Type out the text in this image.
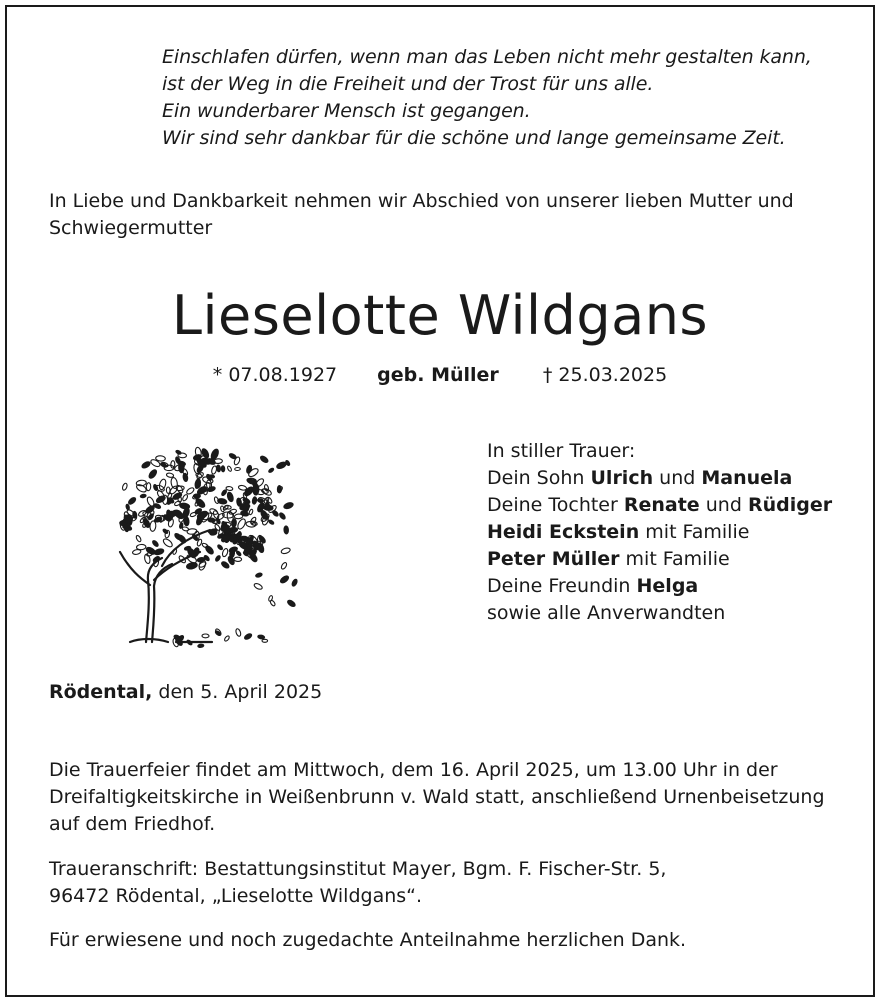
Einschlafen dürfen, wenn man das Leben nicht mehr gestalten kann,
ist der Weg in die Freiheit und der Trost für uns alle.
Ein wunderbarer Mensch ist gegangen.
Wir sind sehr dankbar für die schöne und lange gemeinsame Zeit.
In Liebe und Dankbarkeit nehmen wir Abschied von unserer lieben Mutter und Schwiegermutter
Lieselotte Wildgans
* 07.08.1927 geb. Müller † 25.03.2025
In stiller Trauer:
Dein Sohn Ulrich und Manuela
Deine Tochter Renate und Rüdiger
Heidi Eckstein mit Familie
Peter Müller mit Familie
Deine Freundin Helga
sowie alle Anverwandten
Rödental, den 5. April 2025
Die Trauerfeier findet am Mittwoch, dem 16. April 2025, um 13.00 Uhr in der Dreifaltigkeitskirche in Weißenbrunn v. Wald statt, anschließend Urnenbeisetzung auf dem Friedhof.
Traueranschrift: Bestattungsinstitut Mayer, Bgm. F. Fischer-Str. 5,
96472 Rödental, „Lieselotte Wildgans“.
Für erwiesene und noch zugedachte Anteilnahme herzlichen Dank.
